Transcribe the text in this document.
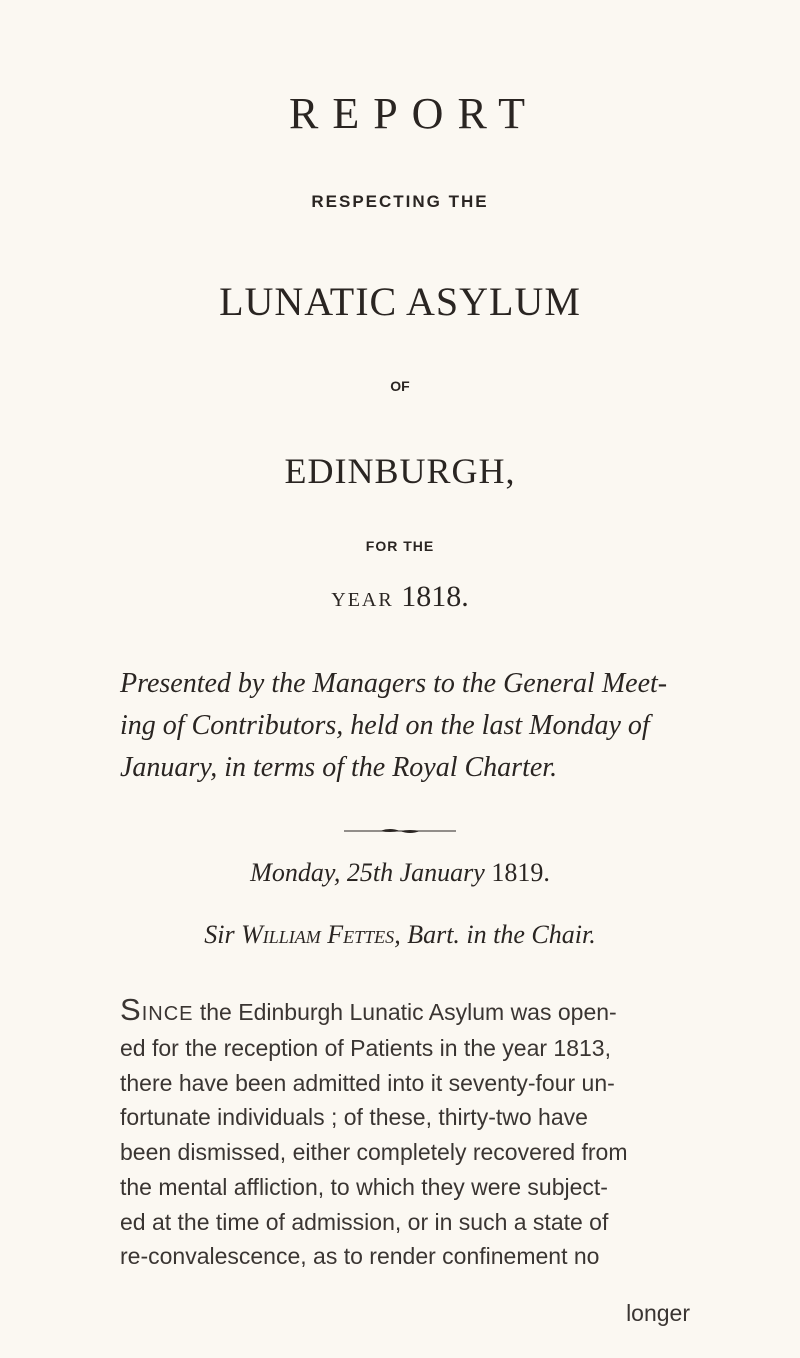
REPORT
RESPECTING THE
LUNATIC ASYLUM
OF
EDINBURGH,
FOR THE
YEAR 1818.
Presented by the Managers to the General Meet-
ing of Contributors, held on the last Monday of
January, in terms of the Royal Charter.
Monday, 25th January 1819.
Sir William Fettes, Bart. in the Chair.
SINCE the Edinburgh Lunatic Asylum was open-
ed for the reception of Patients in the year 1813,
there have been admitted into it seventy-four un-
fortunate individuals ; of these, thirty-two have
been dismissed, either completely recovered from
the mental affliction, to which they were subject-
ed at the time of admission, or in such a state of
re-convalescence, as to render confinement no
longer
